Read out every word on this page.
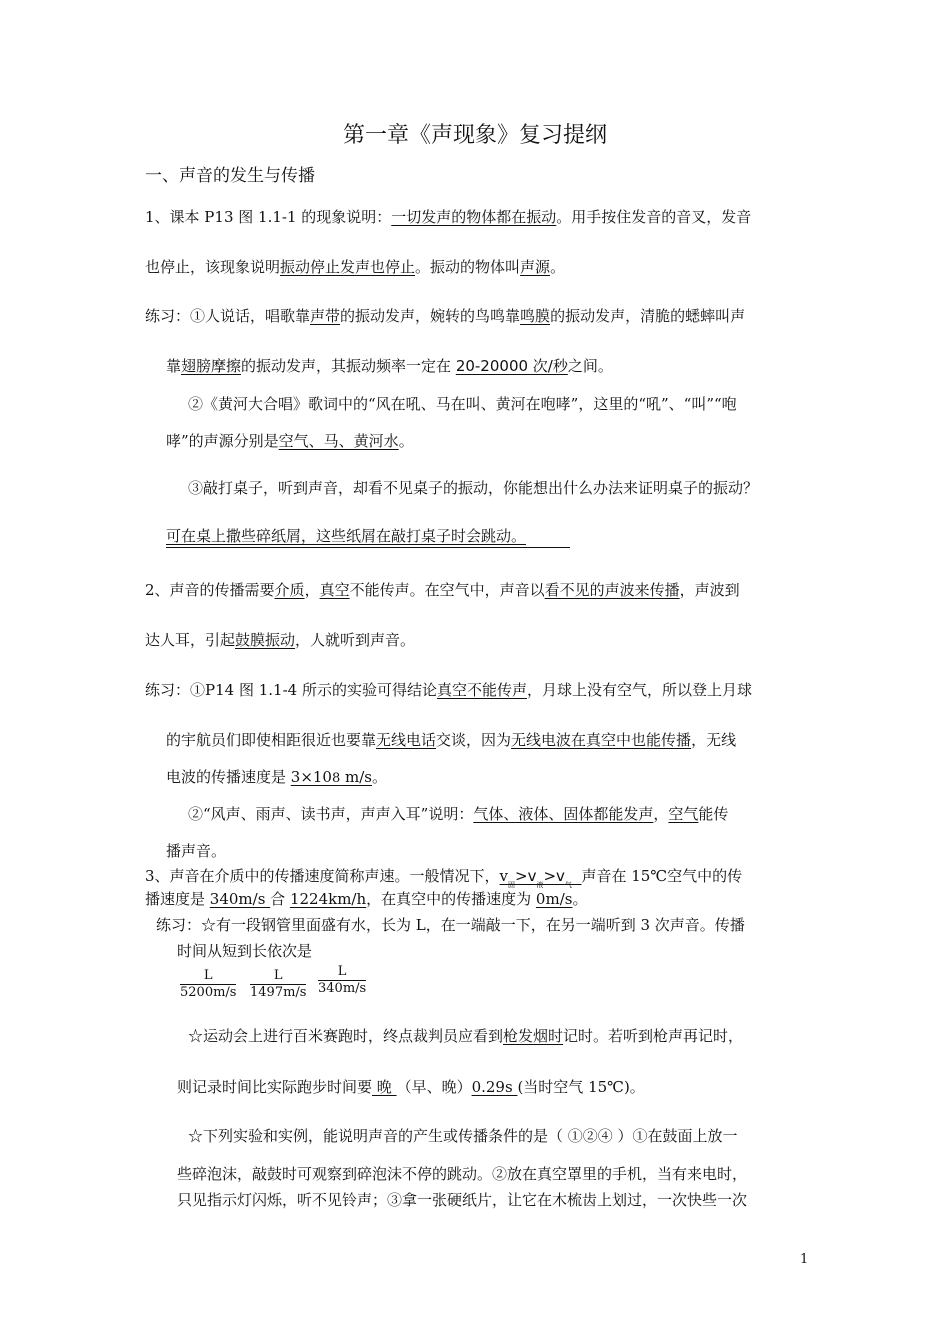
第一章《声现象》复习提纲
一、声音的发生与传播
1、课本 P13 图 1.1-1 的现象说明：一切发声的物体都在振动。用手按住发音的音叉，发音
也停止，该现象说明振动停止发声也停止。振动的物体叫声源。
练习：①人说话，唱歌靠声带的振动发声，婉转的鸟鸣靠鸣膜的振动发声，清脆的蟋蟀叫声
靠翅膀摩擦的振动发声，其振动频率一定在 20-20000 次/秒之间。
②《黄河大合唱》歌词中的“风在吼、马在叫、黄河在咆哮”，这里的“吼”、“叫”“咆
哮”的声源分别是空气、马、黄河水。
③敲打桌子，听到声音，却看不见桌子的振动，你能想出什么办法来证明桌子的振动？
可在桌上撒些碎纸屑，这些纸屑在敲打桌子时会跳动。
2、声音的传播需要介质，真空不能传声。在空气中，声音以看不见的声波来传播，声波到
达人耳，引起鼓膜振动，人就听到声音。
练习：①P14 图 1.1-4 所示的实验可得结论真空不能传声，月球上没有空气，所以登上月球
的宇航员们即使相距很近也要靠无线电话交谈，因为无线电波在真空中也能传播，无线
电波的传播速度是 3×108 m/s。
②“风声、雨声、读书声，声声入耳”说明：气体、液体、固体都能发声，空气能传
播声音。
3、声音在介质中的传播速度简称声速。一般情况下，$v_固>v_液>v_气$ 声音在 15℃空气中的传
播速度是 340m/s 合 1224km/h，在真空中的传播速度为 0m/s。
练习：☆有一段钢管里面盛有水，长为 L，在一端敲一下，在另一端听到 3 次声音。传播
时间从短到长依次是
$\frac{L}{5200m/s} \frac{L}{1497m/s} \frac{L}{340m/s}$
☆运动会上进行百米赛跑时，终点裁判员应看到枪发烟时记时。若听到枪声再记时，
则记录时间比实际跑步时间要 晚 （早、晚）0.29s (当时空气 15℃)。
☆下列实验和实例，能说明声音的产生或传播条件的是（ ①②④ ）①在鼓面上放一
些碎泡沫，敲鼓时可观察到碎泡沫不停的跳动。②放在真空罩里的手机，当有来电时，
只见指示灯闪烁，听不见铃声；③拿一张硬纸片，让它在木梳齿上划过，一次快些一次
1
